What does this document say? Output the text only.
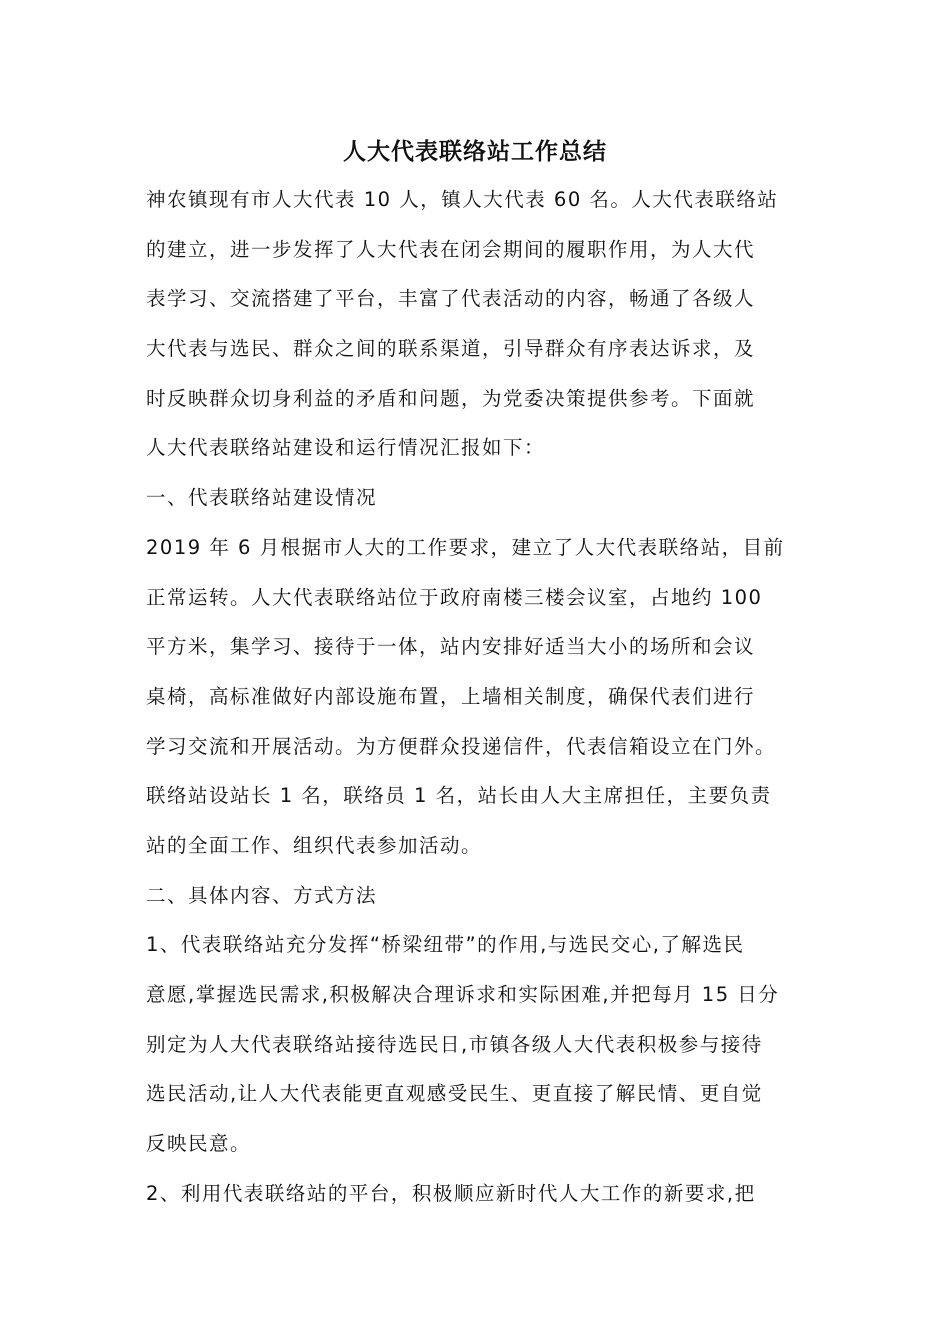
人大代表联络站工作总结
神农镇现有市人大代表 10 人，镇人大代表 60 名。人大代表联络站
的建立，进一步发挥了人大代表在闭会期间的履职作用，为人大代
表学习、交流搭建了平台，丰富了代表活动的内容，畅通了各级人
大代表与选民、群众之间的联系渠道，引导群众有序表达诉求，及
时反映群众切身利益的矛盾和问题，为党委决策提供参考。下面就
人大代表联络站建设和运行情况汇报如下：
一、代表联络站建设情况
2019 年 6 月根据市人大的工作要求，建立了人大代表联络站，目前
正常运转。人大代表联络站位于政府南楼三楼会议室，占地约 100
平方米，集学习、接待于一体，站内安排好适当大小的场所和会议
桌椅，高标准做好内部设施布置，上墙相关制度，确保代表们进行
学习交流和开展活动。为方便群众投递信件，代表信箱设立在门外。
联络站设站长 1 名，联络员 1 名，站长由人大主席担任，主要负责
站的全面工作、组织代表参加活动。
二、具体内容、方式方法
1、代表联络站充分发挥“桥梁纽带”的作用,与选民交心,了解选民
意愿,掌握选民需求,积极解决合理诉求和实际困难,并把每月 15 日分
别定为人大代表联络站接待选民日,市镇各级人大代表积极参与接待
选民活动,让人大代表能更直观感受民生、更直接了解民情、更自觉
反映民意。
2、利用代表联络站的平台，积极顺应新时代人大工作的新要求,把
